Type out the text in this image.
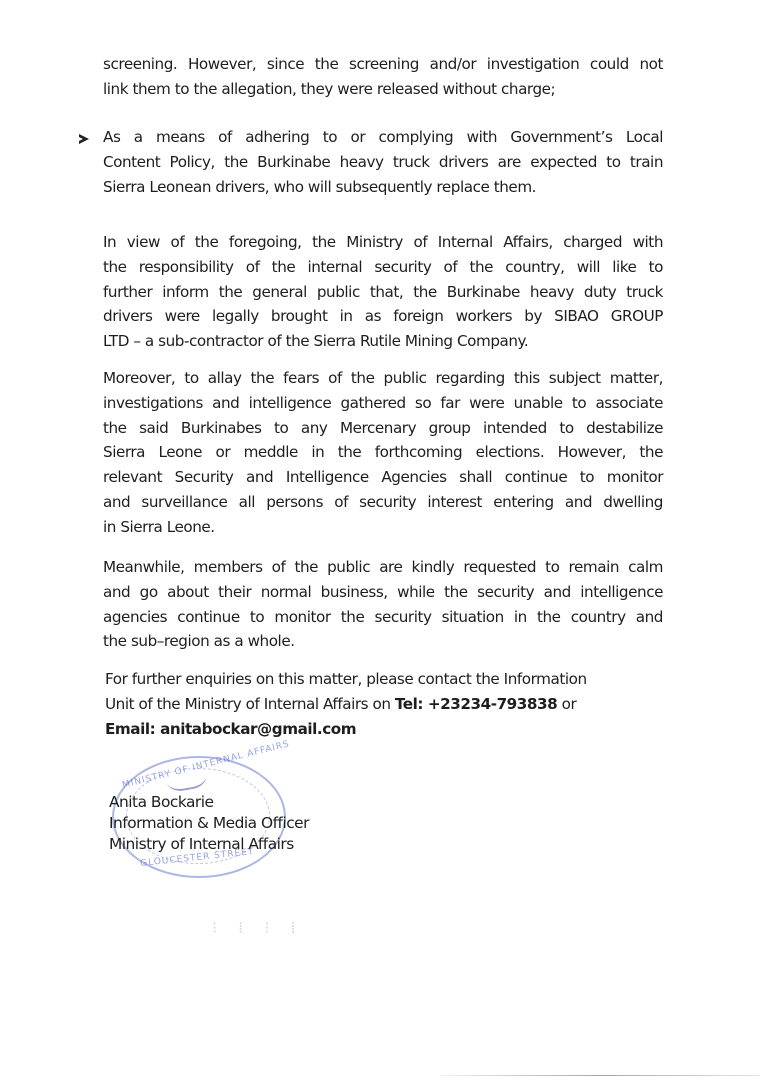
screening. However, since the screening and/or investigation could not
link them to the allegation, they were released without charge;
As a means of adhering to or complying with Government’s Local
Content Policy, the Burkinabe heavy truck drivers are expected to train
Sierra Leonean drivers, who will subsequently replace them.
In view of the foregoing, the Ministry of Internal Affairs, charged with
the responsibility of the internal security of the country, will like to
further inform the general public that, the Burkinabe heavy duty truck
drivers were legally brought in as foreign workers by SIBAO GROUP
LTD – a sub-contractor of the Sierra Rutile Mining Company.
Moreover, to allay the fears of the public regarding this subject matter,
investigations and intelligence gathered so far were unable to associate
the said Burkinabes to any Mercenary group intended to destabilize
Sierra Leone or meddle in the forthcoming elections. However, the
relevant Security and Intelligence Agencies shall continue to monitor
and surveillance all persons of security interest entering and dwelling
in Sierra Leone.
Meanwhile, members of the public are kindly requested to remain calm
and go about their normal business, while the security and intelligence
agencies continue to monitor the security situation in the country and
the sub–region as a whole.
For further enquiries on this matter, please contact the Information
Unit of the Ministry of Internal Affairs on Tel: +23234-793838 or
Email: anitabockar@gmail.com
MINISTRY OF INTERNAL AFFAIRS
GLOUCESTER STREET
Anita Bockarie
Information & Media Officer
Ministry of Internal Affairs
⁝ ⁞ ⁝ ⁞
